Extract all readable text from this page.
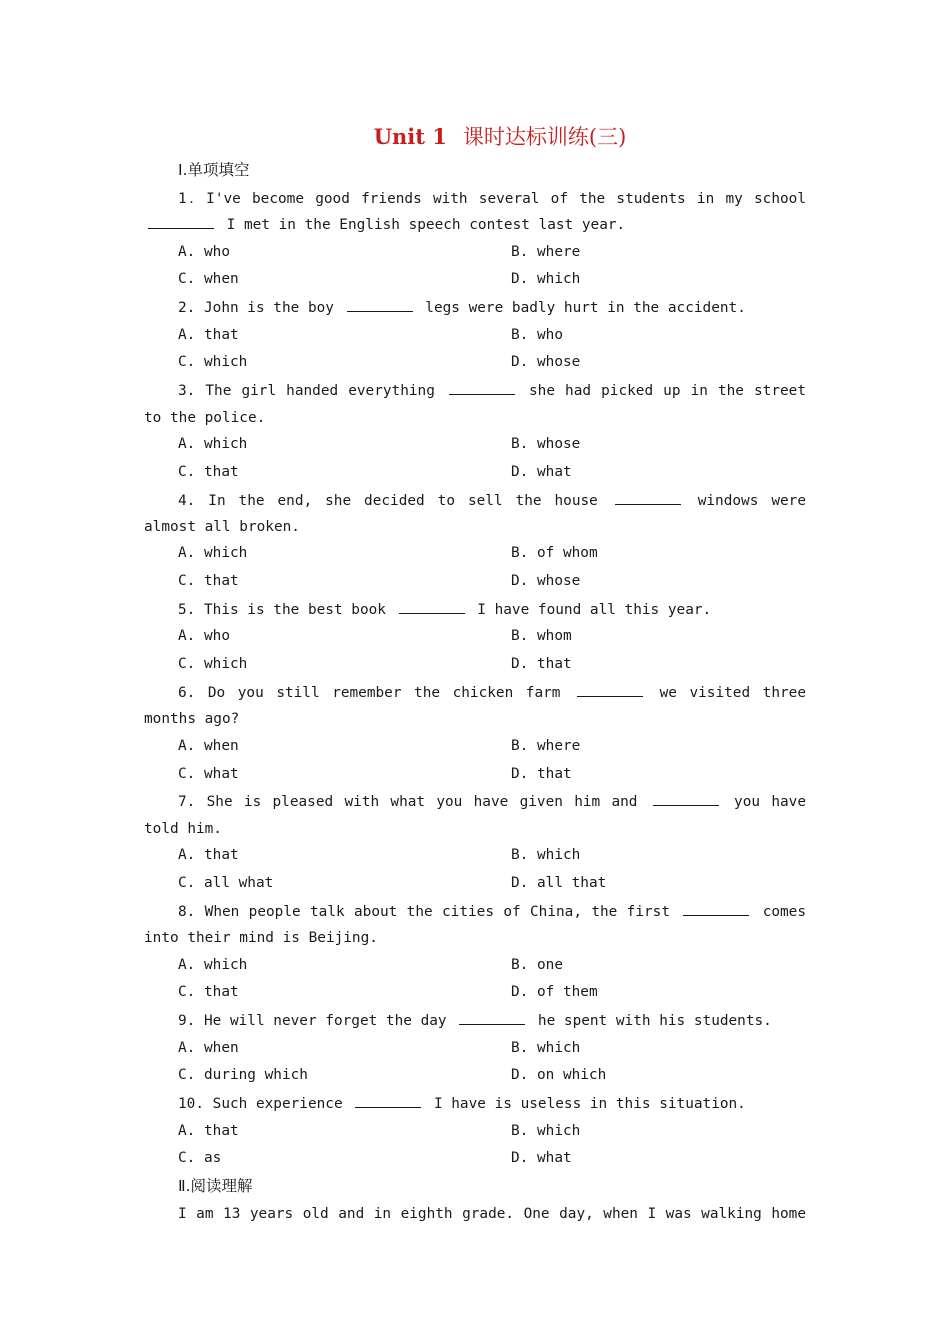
Unit 1 课时达标训练(三)
Ⅰ.单项填空
1．I've become good friends with several of the students in my school  I met in the English speech contest last year.
A. who	B. where
C. when	D. which
2. John is the boy	legs were badly hurt in the accident.
A. that	B. who
C. which	D. whose
3. The girl handed everything	she had picked up in the street to the police.
A. which	B. whose
C. that	D. what
4. In the end, she decided to sell the house	windows were almost all broken.
A. which	B. of whom
C. that	D. whose
5. This is the best book	I have found all this year.
A. who	B. whom
C. which	D. that
6. Do you still remember the chicken farm	we visited three months ago?
A. when	B. where
C. what	D. that
7. She is pleased with what you have given him and	you have told him.
A. that	B. which
C. all what	D. all that
8. When people talk about the cities of China, the first	comes into their mind is Beijing.
A. which	B. one
C. that	D. of them
9. He will never forget the day	he spent with his students.
A. when	B. which
C. during which	D. on which
10. Such experience	I have is useless in this situation.
A. that	B. which
C. as	D. what
Ⅱ.阅读理解
I am 13 years old and in eighth grade. One day, when I was walking home
